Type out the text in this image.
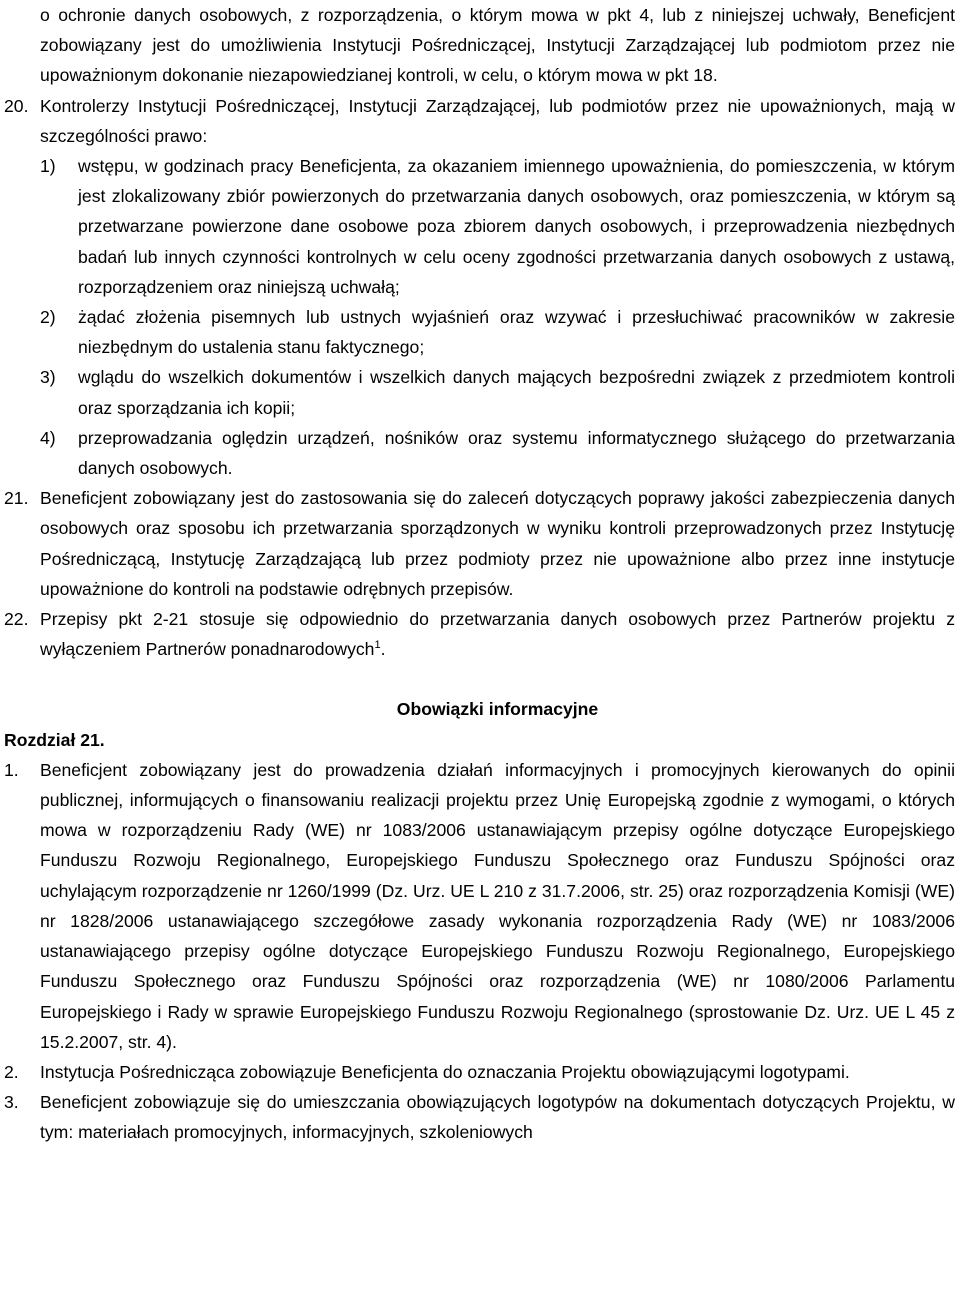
o ochronie danych osobowych, z rozporządzenia, o którym mowa w pkt 4, lub z niniejszej uchwały, Beneficjent zobowiązany jest do umożliwienia Instytucji Pośredniczącej, Instytucji Zarządzającej lub podmiotom przez nie upoważnionym dokonanie niezapowiedzianej kontroli, w celu, o którym mowa w pkt 18.

20. Kontrolerzy Instytucji Pośredniczącej, Instytucji Zarządzającej, lub podmiotów przez nie upoważnionych, mają w szczególności prawo:
1) wstępu, w godzinach pracy Beneficjenta, za okazaniem imiennego upoważnienia, do pomieszczenia, w którym jest zlokalizowany zbiór powierzonych do przetwarzania danych osobowych, oraz pomieszczenia, w którym są przetwarzane powierzone dane osobowe poza zbiorem danych osobowych, i przeprowadzenia niezbędnych badań lub innych czynności kontrolnych w celu oceny zgodności przetwarzania danych osobowych z ustawą, rozporządzeniem oraz niniejszą uchwałą;
2) żądać złożenia pisemnych lub ustnych wyjaśnień oraz wzywać i przesłuchiwać pracowników w zakresie niezbędnym do ustalenia stanu faktycznego;
3) wglądu do wszelkich dokumentów i wszelkich danych mających bezpośredni związek z przedmiotem kontroli oraz sporządzania ich kopii;
4) przeprowadzania oględzin urządzeń, nośników oraz systemu informatycznego służącego do przetwarzania danych osobowych.
21. Beneficjent zobowiązany jest do zastosowania się do zaleceń dotyczących poprawy jakości zabezpieczenia danych osobowych oraz sposobu ich przetwarzania sporządzonych w wyniku kontroli przeprowadzonych przez Instytucję Pośredniczącą, Instytucję Zarządzającą lub przez podmioty przez nie upoważnione albo przez inne instytucje upoważnione do kontroli na podstawie odrębnych przepisów.
22. Przepisy pkt 2-21 stosuje się odpowiednio do przetwarzania danych osobowych przez Partnerów projektu z wyłączeniem Partnerów ponadnarodowych$^1$.
Obowiązki informacyjne
Rozdział 21.
1. Beneficjent zobowiązany jest do prowadzenia działań informacyjnych i promocyjnych kierowanych do opinii publicznej, informujących o finansowaniu realizacji projektu przez Unię Europejską zgodnie z wymogami, o których mowa w rozporządzeniu Rady (WE) nr 1083/2006 ustanawiającym przepisy ogólne dotyczące Europejskiego Funduszu Rozwoju Regionalnego, Europejskiego Funduszu Społecznego oraz Funduszu Spójności oraz uchylającym rozporządzenie nr 1260/1999 (Dz. Urz. UE L 210 z 31.7.2006, str. 25) oraz rozporządzenia Komisji (WE) nr 1828/2006 ustanawiającego szczegółowe zasady wykonania rozporządzenia Rady (WE) nr 1083/2006 ustanawiającego przepisy ogólne dotyczące Europejskiego Funduszu Rozwoju Regionalnego, Europejskiego Funduszu Społecznego oraz Funduszu Spójności oraz rozporządzenia (WE) nr 1080/2006 Parlamentu Europejskiego i Rady w sprawie Europejskiego Funduszu Rozwoju Regionalnego (sprostowanie Dz. Urz. UE L 45 z 15.2.2007, str. 4).
2. Instytucja Pośrednicząca zobowiązuje Beneficjenta do oznaczania Projektu obowiązującymi logotypami.
3. Beneficjent zobowiązuje się do umieszczania obowiązujących logotypów na dokumentach dotyczących Projektu, w tym: materiałach promocyjnych, informacyjnych, szkoleniowych
